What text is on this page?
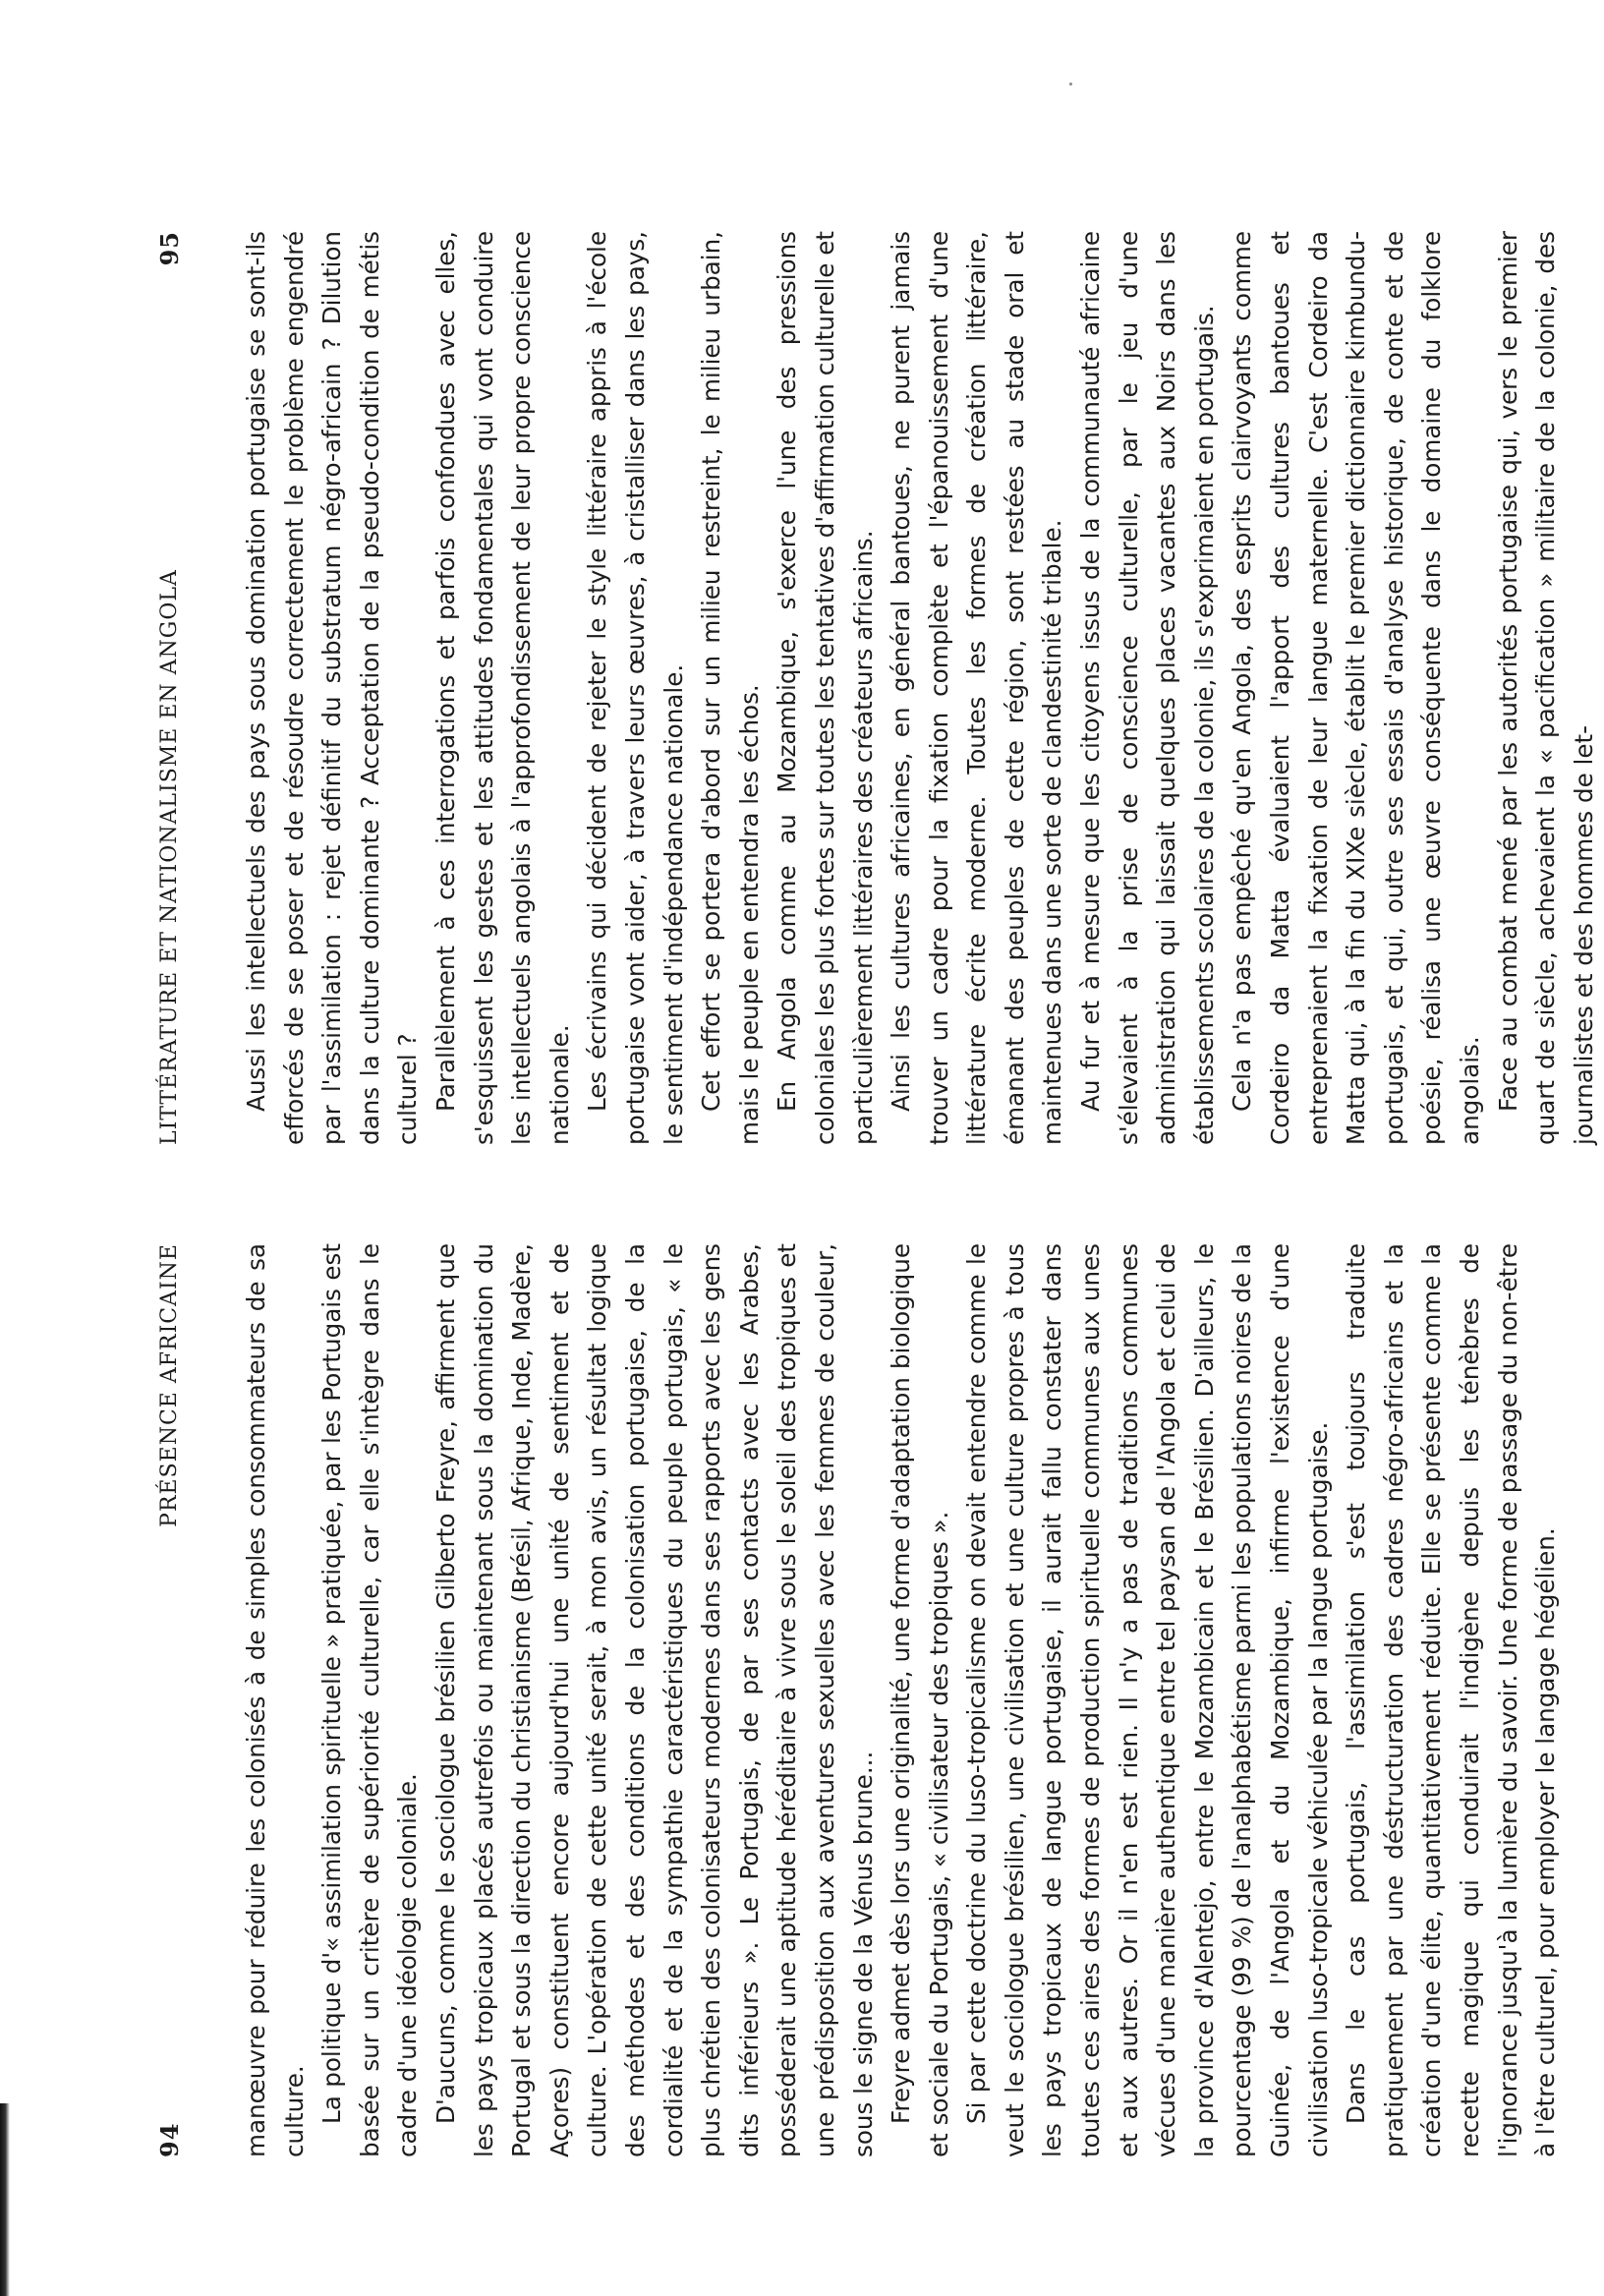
94
PRÉSENCE AFRICAINE manœuvre pour réduire les colonisés à de simples consommateurs de sa culture. La politique d'« assimilation spirituelle » pratiquée, par les Portugais est basée sur un critère de supériorité culturelle, car elle s'intègre dans le cadre d'une idéologie coloniale. D'aucuns, comme le sociologue brésilien Gilberto Freyre, affirment que les pays tropicaux placés autrefois ou maintenant sous la domination du Portugal et sous la direction du christianisme (Brésil, Afrique, Inde, Madère, Açores) constituent encore aujourd'hui une unité de sentiment et de culture. L'opération de cette unité serait, à mon avis, un résultat logique des méthodes et des conditions de la colonisation portugaise, de la cordialité et de la sympathie caractéristiques du peuple portugais, « le plus chrétien des colonisateurs modernes dans ses rapports avec les gens dits inférieurs ». Le Portugais, de par ses contacts avec les Arabes, posséderait une aptitude héréditaire à vivre sous le soleil des tropiques et une prédisposition aux aventures sexuelles avec les femmes de couleur, sous le signe de la Vénus brune... Freyre admet dès lors une originalité, une forme d'adaptation biologique et sociale du Portugais, « civilisateur des tropiques ». Si par cette doctrine du luso-tropicalisme on devait entendre comme le veut le sociologue brésilien, une civilisation et une culture propres à tous les pays tropicaux de langue portugaise, il aurait fallu constater dans toutes ces aires des formes de production spirituelle communes aux unes et aux autres. Or il n'en est rien. Il n'y a pas de traditions communes vécues d'une manière authentique entre tel paysan de l'Angola et celui de la province d'Alentejo, entre le Mozambicain et le Brésilien. D'ailleurs, le pourcentage (99 %) de l'analphabétisme parmi les populations noires de la Guinée, de l'Angola et du Mozambique, infirme l'existence d'une civilisation luso-tropicale véhiculée par la langue portugaise. Dans le cas portugais, l'assimilation s'est toujours traduite pratiquement par une déstructuration des cadres négro-africains et la création d'une élite, quantitativement réduite. Elle se présente comme la recette magique qui conduirait l'indigène depuis les ténèbres de l'ignorance jusqu'à la lumière du savoir. Une forme de passage du non-être à l'être culturel, pour employer le langage hégélien.

LITTÉRATURE ET NATIONALISME EN ANGOLA
95 Aussi les intellectuels des pays sous domination portugaise se sont-ils efforcés de se poser et de résoudre correctement le problème engendré par l'assimilation : rejet définitif du substratum négro-africain ? Dilution dans la culture dominante ? Acceptation de la pseudo-condition de métis culturel ? Parallèlement à ces interrogations et parfois confondues avec elles, s'esquissent les gestes et les attitudes fondamentales qui vont conduire les intellectuels angolais à l'approfondissement de leur propre conscience nationale. Les écrivains qui décident de rejeter le style littéraire appris à l'école portugaise vont aider, à travers leurs œuvres, à cristalliser dans les pays, le sentiment d'indépendance nationale. Cet effort se portera d'abord sur un milieu restreint, le milieu urbain, mais le peuple en entendra les échos. En Angola comme au Mozambique, s'exerce l'une des pressions coloniales les plus fortes sur toutes les tentatives d'affirmation culturelle et particulièrement littéraires des créateurs africains. Ainsi les cultures africaines, en général bantoues, ne purent jamais trouver un cadre pour la fixation complète et l'épanouissement d'une littérature écrite moderne. Toutes les formes de création littéraire, émanant des peuples de cette région, sont restées au stade oral et maintenues dans une sorte de clandestinité tribale. Au fur et à mesure que les citoyens issus de la communauté africaine s'élevaient à la prise de conscience culturelle, par le jeu d'une administration qui laissait quelques places vacantes aux Noirs dans les établissements scolaires de la colonie, ils s'exprimaient en portugais. Cela n'a pas empêché qu'en Angola, des esprits clairvoyants comme Cordeiro da Matta évaluaient l'apport des cultures bantoues et entreprenaient la fixation de leur langue maternelle. C'est Cordeiro da Matta qui, à la fin du XIXe siècle, établit le premier dictionnaire kimbundu-portugais, et qui, outre ses essais d'analyse historique, de conte et de poésie, réalisa une œuvre conséquente dans le domaine du folklore angolais. Face au combat mené par les autorités portugaise qui, vers le premier quart de siècle, achevaient la « pacification » militaire de la colonie, des journalistes et des hommes de let-
